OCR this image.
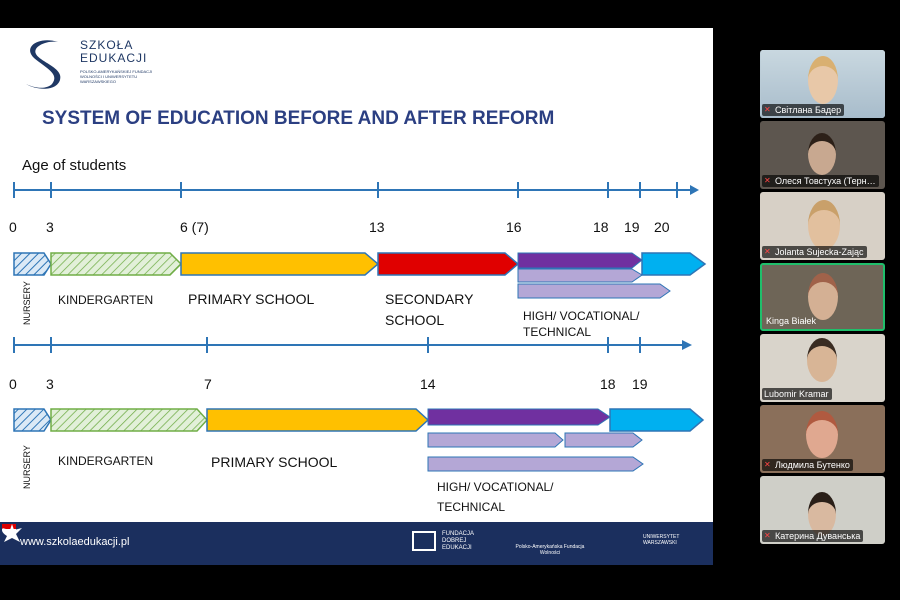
SZKOŁA
EDUKACJI
POLSKO-AMERYKAŃSKIEJ FUNDACJI WOLNOŚCI I UNIWERSYTETU WARSZAWSKIEGO
SYSTEM OF EDUCATION BEFORE AND AFTER REFORM
Age of students
0 3	6 (7)	13	16	18 19 20
NURSERY KINDERGARTEN PRIMARY SCHOOL	SECONDARY
SCHOOL	HIGH/ VOCATIONAL/
TECHNICAL
0 3	7	14	18 19
NURSERY KINDERGARTEN	PRIMARY SCHOOL
HIGH/ VOCATIONAL/
TECHNICAL
www.szkolaedukacji.pl
FUNDACJA DOBREJ EDUKACJI	Polsko-Amerykańska Fundacja Wolności
UNIWERSYTET WARSZAWSKI
✕ Світлана Бадер
✕ Олеся Товстуха (Терн…
✕ Jolanta Sujecka-Zając
Kinga Białek
Lubomir Kramar
✕ Людмила Бутенко
✕ Катерина Дуванська
